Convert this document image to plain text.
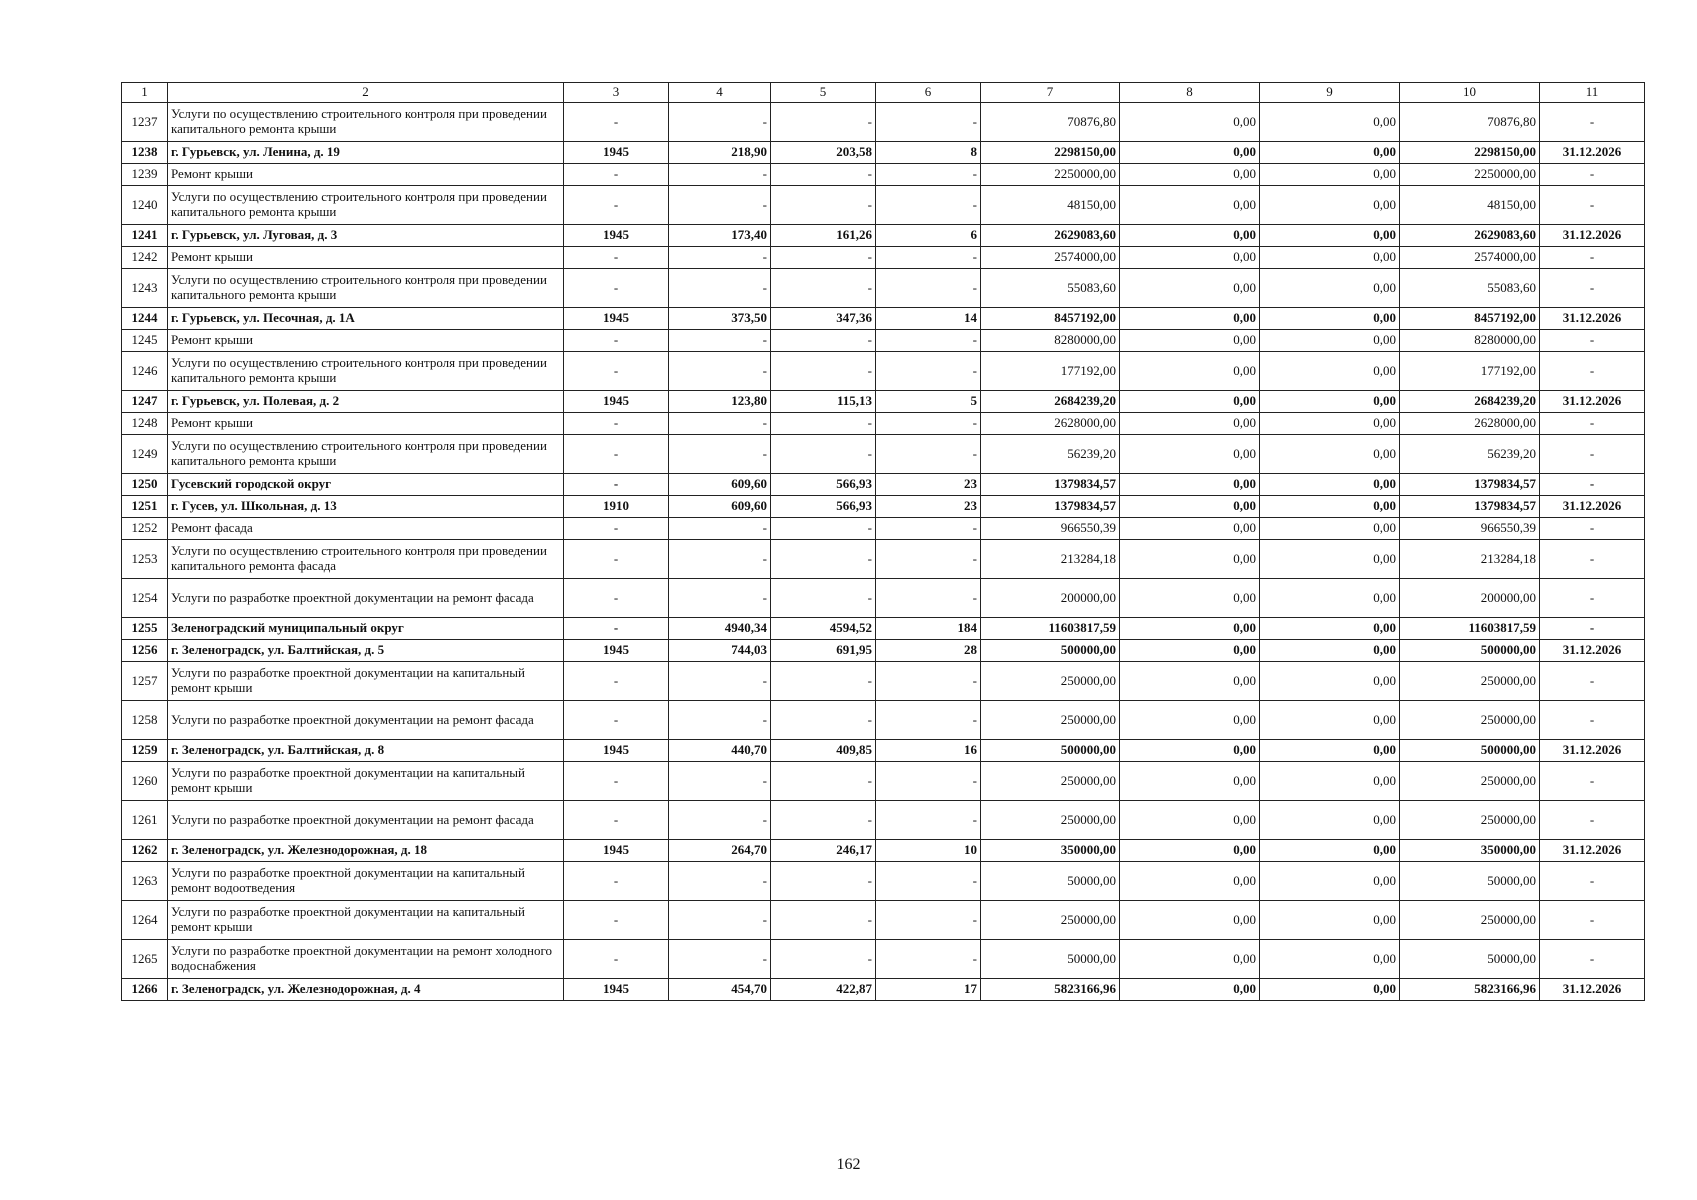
1	2	3	4	5	6	7	8	9	10	11
1237	Услуги по осуществлению строительного контроля при проведении капитального ремонта крыши	-	-	-	-	70876,80	0,00	0,00	70876,80	-
1238	г. Гурьевск, ул. Ленина, д. 19	1945	218,90	203,58	8	2298150,00	0,00	0,00	2298150,00	31.12.2026
1239	Ремонт крыши	-	-	-	-	2250000,00	0,00	0,00	2250000,00	-
1240	Услуги по осуществлению строительного контроля при проведении капитального ремонта крыши	-	-	-	-	48150,00	0,00	0,00	48150,00	-
1241	г. Гурьевск, ул. Луговая, д. 3	1945	173,40	161,26	6	2629083,60	0,00	0,00	2629083,60	31.12.2026
1242	Ремонт крыши	-	-	-	-	2574000,00	0,00	0,00	2574000,00	-
1243	Услуги по осуществлению строительного контроля при проведении капитального ремонта крыши	-	-	-	-	55083,60	0,00	0,00	55083,60	-
1244	г. Гурьевск, ул. Песочная, д. 1А	1945	373,50	347,36	14	8457192,00	0,00	0,00	8457192,00	31.12.2026
1245	Ремонт крыши	-	-	-	-	8280000,00	0,00	0,00	8280000,00	-
1246	Услуги по осуществлению строительного контроля при проведении капитального ремонта крыши	-	-	-	-	177192,00	0,00	0,00	177192,00	-
1247	г. Гурьевск, ул. Полевая, д. 2	1945	123,80	115,13	5	2684239,20	0,00	0,00	2684239,20	31.12.2026
1248	Ремонт крыши	-	-	-	-	2628000,00	0,00	0,00	2628000,00	-
1249	Услуги по осуществлению строительного контроля при проведении капитального ремонта крыши	-	-	-	-	56239,20	0,00	0,00	56239,20	-
1250	Гусевский городской округ	-	609,60	566,93	23	1379834,57	0,00	0,00	1379834,57	-
1251	г. Гусев, ул. Школьная, д. 13	1910	609,60	566,93	23	1379834,57	0,00	0,00	1379834,57	31.12.2026
1252	Ремонт фасада	-	-	-	-	966550,39	0,00	0,00	966550,39	-
1253	Услуги по осуществлению строительного контроля при проведении капитального ремонта фасада	-	-	-	-	213284,18	0,00	0,00	213284,18	-
1254	Услуги по разработке проектной документации на ремонт фасада	-	-	-	-	200000,00	0,00	0,00	200000,00	-
1255	Зеленоградский муниципальный округ	-	4940,34	4594,52	184	11603817,59	0,00	0,00	11603817,59	-
1256	г. Зеленоградск, ул. Балтийская, д. 5	1945	744,03	691,95	28	500000,00	0,00	0,00	500000,00	31.12.2026
1257	Услуги по разработке проектной документации на капитальный ремонт крыши	-	-	-	-	250000,00	0,00	0,00	250000,00	-
1258	Услуги по разработке проектной документации на ремонт фасада	-	-	-	-	250000,00	0,00	0,00	250000,00	-
1259	г. Зеленоградск, ул. Балтийская, д. 8	1945	440,70	409,85	16	500000,00	0,00	0,00	500000,00	31.12.2026
1260	Услуги по разработке проектной документации на капитальный ремонт крыши	-	-	-	-	250000,00	0,00	0,00	250000,00	-
1261	Услуги по разработке проектной документации на ремонт фасада	-	-	-	-	250000,00	0,00	0,00	250000,00	-
1262	г. Зеленоградск, ул. Железнодорожная, д. 18	1945	264,70	246,17	10	350000,00	0,00	0,00	350000,00	31.12.2026
1263	Услуги по разработке проектной документации на капитальный ремонт водоотведения	-	-	-	-	50000,00	0,00	0,00	50000,00	-
1264	Услуги по разработке проектной документации на капитальный ремонт крыши	-	-	-	-	250000,00	0,00	0,00	250000,00	-
1265	Услуги по разработке проектной документации на ремонт холодного водоснабжения	-	-	-	-	50000,00	0,00	0,00	50000,00	-
1266	г. Зеленоградск, ул. Железнодорожная, д. 4	1945	454,70	422,87	17	5823166,96	0,00	0,00	5823166,96	31.12.2026
162
